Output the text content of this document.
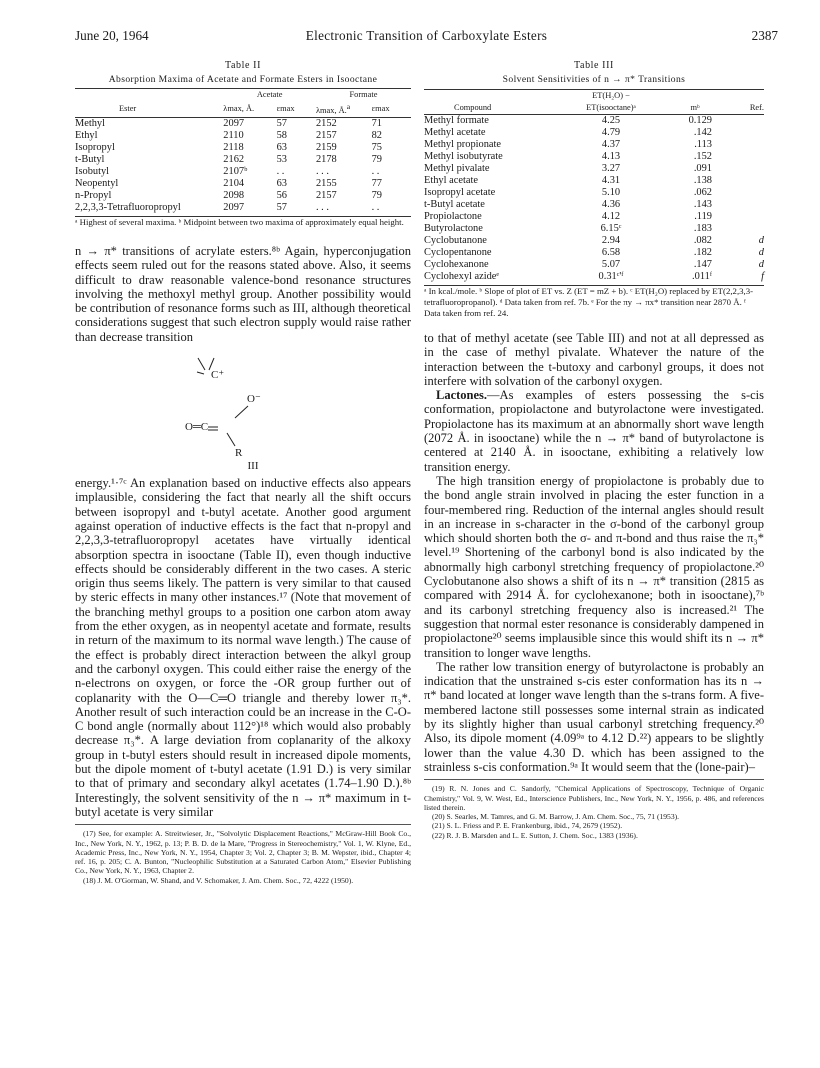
June 20, 1964	Electronic Transition of Carboxylate Esters	2387
Table II
Absorption Maxima of Acetate and Formate Esters in Isooctane
	Acetate		Formate	
Ester	λmax, Å.	εmax	λmax, Å.a	εmax
Methyl	2097	57	2152	71
Ethyl	2110	58	2157	82
Isopropyl	2118	63	2159	75
t-Butyl	2162	53	2178	79
Isobutyl	2107ᵇ	. .	. . .	. .
Neopentyl	2104	63	2155	77
n-Propyl	2098	56	2157	79
2,2,3,3-Tetrafluoropropyl	2097	57	. . .	. .
ᵃ Highest of several maxima. ᵇ Midpoint between two maxima of approximately equal height.

n → π* transitions of acrylate esters.⁸ᵇ Again, hyperconjugation effects seem ruled out for the reasons stated above. Also, it seems difficult to draw reasonable valence-bond resonance structures involving the methoxyl methyl group. Another possibility would be contribution of resonance forms such as III, although theoretical considerations suggest that such electron supply would raise rather than decrease transition

C⁺
O⁻
O═C
R
III

energy.¹·⁷ᶜ An explanation based on inductive effects also appears implausible, considering the fact that nearly all the shift occurs between isopropyl and t-butyl acetate. Another good argument against operation of inductive effects is the fact that n-propyl and 2,2,3,3-tetrafluoropropyl acetates have virtually identical absorption spectra in isooctane (Table II), even though inductive effects should be considerably different in the two cases. A steric origin thus seems likely. The pattern is very similar to that caused by steric effects in many other instances.¹⁷ (Note that movement of the branching methyl groups to a position one carbon atom away from the ether oxygen, as in neopentyl acetate and formate, results in return of the maximum to its normal wave length.) The cause of the effect is probably direct interaction between the alkyl group and the carbonyl oxygen. This could either raise the energy of the n-electrons on oxygen, or force the -OR group further out of coplanarity with the O—C═O triangle and thereby lower π₃*. Another result of such interaction could be an increase in the C-O-C bond angle (normally about 112°)¹⁸ which would also probably decrease π₃*. A large deviation from coplanarity of the alkoxy group in t-butyl esters should result in increased dipole moments, but the dipole moment of t-butyl acetate (1.91 D.) is very similar to that of primary and secondary alkyl acetates (1.74–1.90 D.).⁸ᵇ Interestingly, the solvent sensitivity of the n → π* maximum in t-butyl acetate is very similar

(17) See, for example: A. Streitwieser, Jr., "Solvolytic Displacement Reactions," McGraw-Hill Book Co., Inc., New York, N. Y., 1962, p. 13; P. B. D. de la Mare, "Progress in Stereochemistry," Vol. 1, W. Klyne, Ed., Academic Press, Inc., New York, N. Y., 1954, Chapter 3; Vol. 2, Chapter 3; B. M. Wepster, ibid., Chapter 4; ref. 16, p. 205; C. A. Bunton, "Nucleophilic Substitution at a Saturated Carbon Atom," Elsevier Publishing Co., New York, N. Y., 1963, Chapter 2.

(18) J. M. O'Gorman, W. Shand, and V. Schomaker, J. Am. Chem. Soc., 72, 4222 (1950).

Table III
Solvent Sensitivities of n → π* Transitions
	ET(H₂O) −		
Compound	ET(isooctane)ᵃ	mᵇ	Ref.
Methyl formate	4.25	0.129	
Methyl acetate	4.79	.142	
Methyl propionate	4.37	.113	
Methyl isobutyrate	4.13	.152	
Methyl pivalate	3.27	.091	
Ethyl acetate	4.31	.138	
Isopropyl acetate	5.10	.062	
t-Butyl acetate	4.36	.143	
Propiolactone	4.12	.119	
Butyrolactone	6.15ᶜ	.183	
Cyclobutanone	2.94	.082	d
Cyclopentanone	6.58	.182	d
Cyclohexanone	5.07	.147	d
Cyclohexyl azideᵉ	0.31ᶜ'ᶠ	.011ᶠ	f
ᵃ In kcal./mole. ᵇ Slope of plot of ET vs. Z (ET = mZ + b). ᶜ ET(H₂O) replaced by ET(2,2,3,3-tetrafluoropropanol). ᵈ Data taken from ref. 7b. ᵉ For the πy → πx* transition near 2870 Å. ᶠ Data taken from ref. 24.

to that of methyl acetate (see Table III) and not at all depressed as in the case of methyl pivalate. Whatever the nature of the interaction between the t-butoxy and carbonyl groups, it does not interfere with solvation of the carbonyl oxygen.

Lactones.—As examples of esters possessing the s-cis conformation, propiolactone and butyrolactone were investigated. Propiolactone has its maximum at an abnormally short wave length (2072 Å. in isooctane) while the n → π* band of butyrolactone is centered at 2140 Å. in isooctane, exhibiting a relatively low transition energy.

The high transition energy of propiolactone is probably due to the bond angle strain involved in placing the ester function in a four-membered ring. Reduction of the internal angles should result in an increase in s-character in the σ-bond of the carbonyl group which should shorten both the σ- and π-bond and thus raise the π₃* level.¹⁹ Shortening of the carbonyl bond is also indicated by the abnormally high carbonyl stretching frequency of propiolactone.²⁰ Cyclobutanone also shows a shift of its n → π* transition (2815 as compared with 2914 Å. for cyclohexanone; both in isooctane),⁷ᵇ and its carbonyl stretching frequency also is increased.²¹ The suggestion that normal ester resonance is considerably dampened in propiolactone²⁰ seems implausible since this would shift its n → π* transition to longer wave lengths.

The rather low transition energy of butyrolactone is probably an indication that the unstrained s-cis ester conformation has its n → π* band located at longer wave length than the s-trans form. A five-membered lactone still possesses some internal strain as indicated by its slightly higher than usual carbonyl stretching frequency.²⁰ Also, its dipole moment (4.09⁹ᵃ to 4.12 D.²²) appears to be slightly lower than the value 4.30 D. which has been assigned to the strainless s-cis conformation.⁹ᵃ It would seem that the (lone-pair)–

(19) R. N. Jones and C. Sandorfy, "Chemical Applications of Spectroscopy, Technique of Organic Chemistry," Vol. 9, W. West, Ed., Interscience Publishers, Inc., New York, N. Y., 1956, p. 486, and references listed therein.

(20) S. Searles, M. Tamres, and G. M. Barrow, J. Am. Chem. Soc., 75, 71 (1953).

(21) S. L. Friess and P. E. Frankenburg, ibid., 74, 2679 (1952).

(22) R. J. B. Marsden and L. E. Sutton, J. Chem. Soc., 1383 (1936).
